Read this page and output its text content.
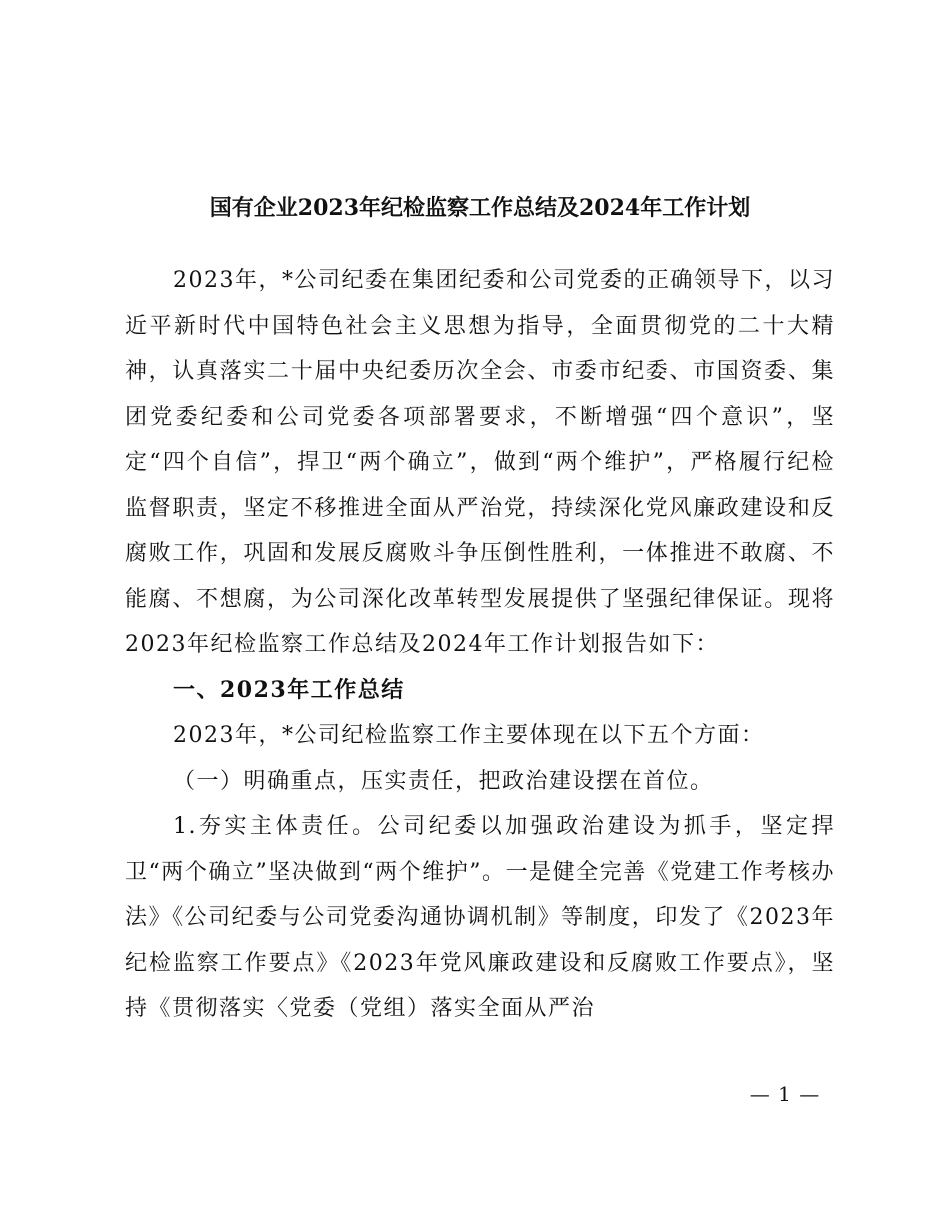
国有企业2023年纪检监察工作总结及2024年工作计划

2023年，*公司纪委在集团纪委和公司党委的正确领导下，以习近平新时代中国特色社会主义思想为指导，全面贯彻党的二十大精神，认真落实二十届中央纪委历次全会、市委市纪委、市国资委、集团党委纪委和公司党委各项部署要求，不断增强“四个意识”，坚定“四个自信”，捍卫“两个确立”，做到“两个维护”，严格履行纪检监督职责，坚定不移推进全面从严治党，持续深化党风廉政建设和反腐败工作，巩固和发展反腐败斗争压倒性胜利，一体推进不敢腐、不能腐、不想腐，为公司深化改革转型发展提供了坚强纪律保证。现将2023年纪检监察工作总结及2024年工作计划报告如下：

一、2023年工作总结

2023年，*公司纪检监察工作主要体现在以下五个方面：

（一）明确重点，压实责任，把政治建设摆在首位。

1.夯实主体责任。公司纪委以加强政治建设为抓手，坚定捍卫“两个确立”坚决做到“两个维护”。一是健全完善《党建工作考核办法》《公司纪委与公司党委沟通协调机制》等制度，印发了《2023年纪检监察工作要点》《2023年党风廉政建设和反腐败工作要点》，坚持《贯彻落实〈党委（党组）落实全面从严治

— 1 —
